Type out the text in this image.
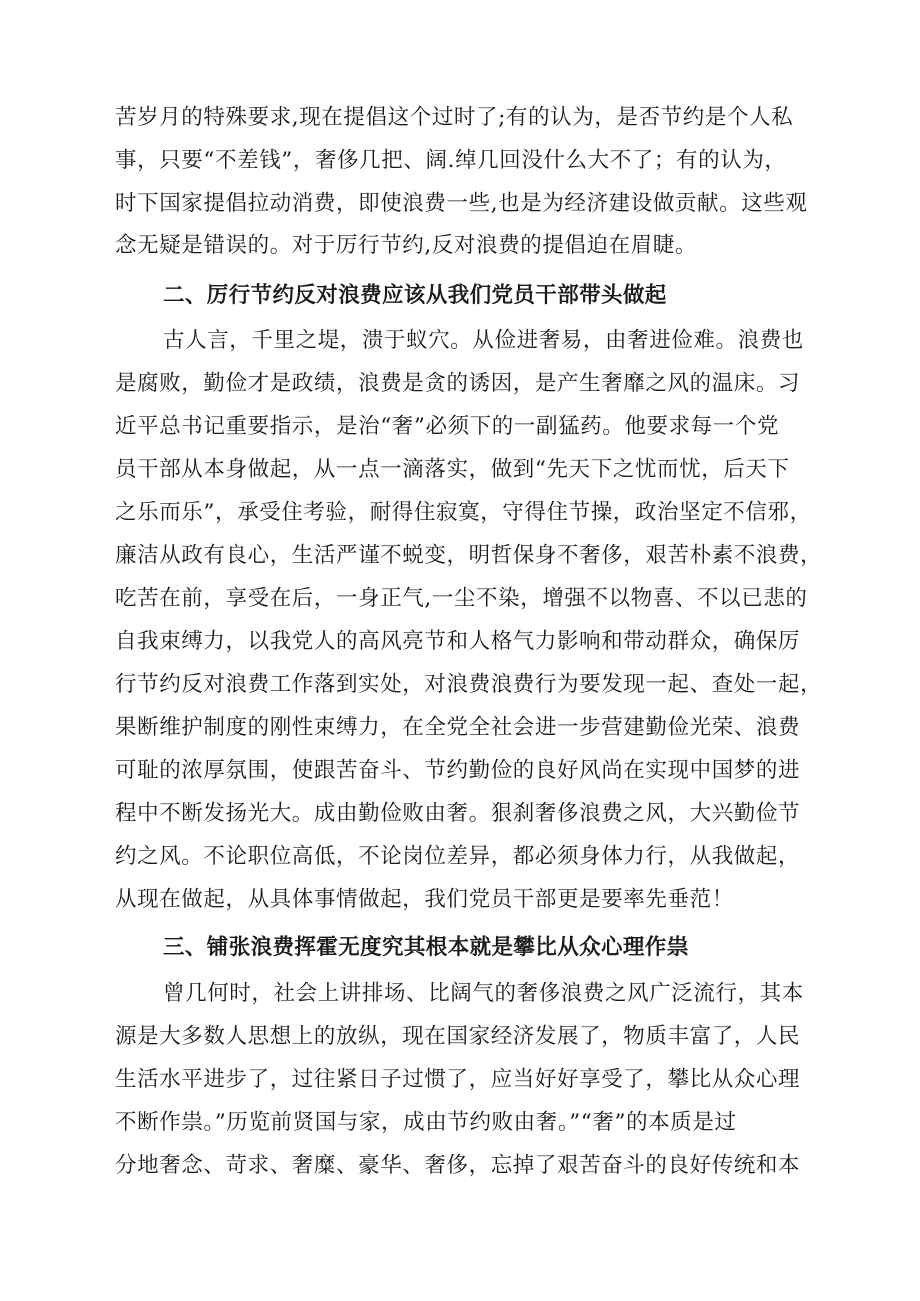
苦岁月的特殊要求,现在提倡这个过时了;有的认为，是否节约是个人私
事，只要“不差钱”，奢侈几把、阔.绰几回没什么大不了；有的认为，
时下国家提倡拉动消费，即使浪费一些,也是为经济建设做贡献。这些观
念无疑是错误的。对于厉行节约,反对浪费的提倡迫在眉睫。
二、厉行节约反对浪费应该从我们党员干部带头做起
古人言，千里之堤，溃于蚁穴。从俭进奢易，由奢进俭难。浪费也
是腐败，勤俭才是政绩，浪费是贪的诱因，是产生奢靡之风的温床。习
近平总书记重要指示，是治“奢”必须下的一副猛药。他要求每一个党
员干部从本身做起，从一点一滴落实，做到“先天下之忧而忧，后天下
之乐而乐”，承受住考验，耐得住寂寞，守得住节操，政治坚定不信邪，
廉洁从政有良心，生活严谨不蜕变，明哲保身不奢侈，艰苦朴素不浪费，
吃苦在前，享受在后，一身正气,一尘不染，增强不以物喜、不以已悲的
自我束缚力，以我党人的高风亮节和人格气力影响和带动群众，确保厉
行节约反对浪费工作落到实处，对浪费浪费行为要发现一起、查处一起，
果断维护制度的刚性束缚力，在全党全社会进一步营建勤俭光荣、浪费
可耻的浓厚氛围，使跟苦奋斗、节约勤俭的良好风尚在实现中国梦的进
程中不断发扬光大。成由勤俭败由奢。狠刹奢侈浪费之风，大兴勤俭节
约之风。不论职位高低，不论岗位差异，都必须身体力行，从我做起，
从现在做起，从具体事情做起，我们党员干部更是要率先垂范！
三、铺张浪费挥霍无度究其根本就是攀比从众心理作祟
曾几何时，社会上讲排场、比阔气的奢侈浪费之风广泛流行，其本
源是大多数人思想上的放纵，现在国家经济发展了，物质丰富了，人民
生活水平进步了，过往紧日子过惯了，应当好好享受了，攀比从众心理
不断作祟。”历览前贤国与家，成由节约败由奢。”“奢”的本质是过
分地奢念、苛求、奢糜、豪华、奢侈，忘掉了艰苦奋斗的良好传统和本
